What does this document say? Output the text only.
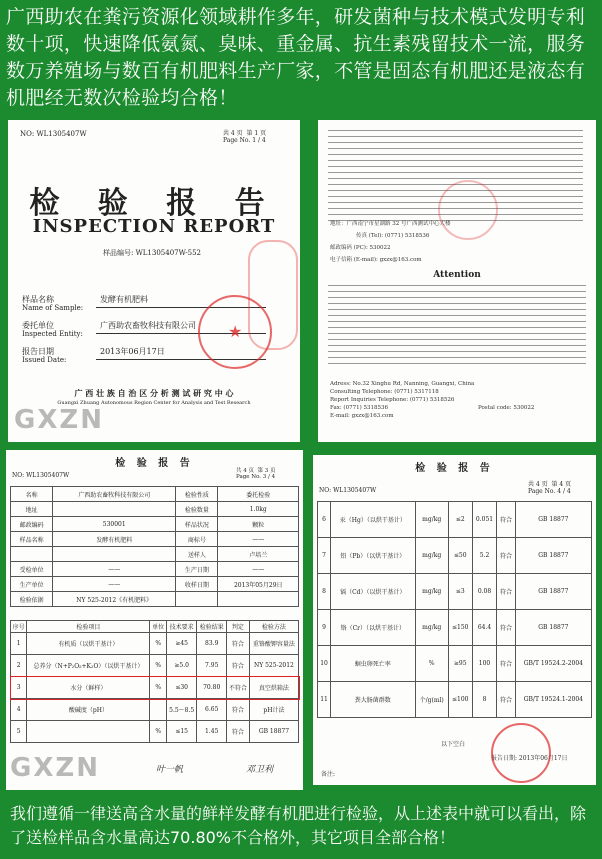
广西助农在粪污资源化领域耕作多年，研发菌种与技术模式发明专利数十项，快速降低氨氮、臭味、重金属、抗生素残留技术一流，服务数万养殖场与数百有机肥料生产厂家，不管是固态有机肥还是液态有机肥经无数次检验均合格！
NO: WL1305407W	共 4 页  第 1 页
Page No. 1 / 4
检 验 报 告
INSPECTION REPORT
样品编号: WL1305407W-552
样品名称
Name of Sample:
发酵有机肥料
委托单位
Inspected Entity:
广西助农畜牧科技有限公司
报告日期
Issued Date:
2013年06月17日
★
广 西 壮 族 自 治 区 分 析 测 试 研 究 中 心
Guangxi Zhuang Autonomous Region Center for Analysis and Test Research
GXZN
地址：广西南宁市星湖路 32 号广西测试中心大楼
传真 (Tel): (0771) 5318536
邮政编码 (PC): 530022
电子信箱 (E-mail): gxzx@163.com
Attention
Adress: No.32 Xinghu Rd, Nanning, Guangxi, China
Consulting Telephone: (0771) 5317118
Report Inquiries Telephone: (0771) 5318526
Fax: (0771) 5318536	Postal code: 530022
E-mail: gxzx@163.com
检 验 报 告
NO: WL1305407W
共 4 页  第 3 页
Page No. 3 / 4
名称	广西助农畜牧科技有限公司	检验性质	委托检验
地址		检验数量	1.0kg
邮政编码	530001	样品状况	颗粒
样品名称	发酵有机肥料	商标号	——
		送样人	卢培兰
受检单位	——	生产日期	——
生产单位	——	收样日期	2013年05月29日
检验依据	NY 525-2012《有机肥料》		
序号	检验项目	单位	技术要求	检验结果	判定	检验方法
1	有机质（以烘干基计）	%	≥45	83.9	符合	重铬酸钾容量法
2	总养分（N+P₂O₅+K₂O）（以烘干基计）	%	≥5.0	7.95	符合	NY 525-2012
3	水分（鲜样）	%	≤30	70.80	不符合	真空烘箱法
4	酸碱度（pH）		5.5～8.5	6.65	符合	pH计法
5		%	≤15	1.45	符合	GB 18877
叶一帆	邓卫利
GXZN
检 验 报 告
NO: WL1305407W
共 4 页  第 4 页
Page No. 4 / 4
6	汞（Hg）（以烘干基计）	mg/kg	≤2	0.051	符合	GB 18877
7	铅（Pb）（以烘干基计）	mg/kg	≤50	5.2	符合	GB 18877
8	镉（Cd）（以烘干基计）	mg/kg	≤3	0.08	符合	GB 18877
9	铬（Cr）（以烘干基计）	mg/kg	≤150	64.4	符合	GB 18877
10	蛔虫卵死亡率	%	≥95	100	符合	GB/T 19524.2-2004
11	粪大肠菌群数	个/g(ml)	≤100	8	符合	GB/T 19524.1-2004
以下空白
报告日期: 2013年06月17日
备注:
我们遵循一律送高含水量的鲜样发酵有机肥进行检验，从上述表中就可以看出，除了送检样品含水量高达70.80%不合格外，其它项目全部合格！
